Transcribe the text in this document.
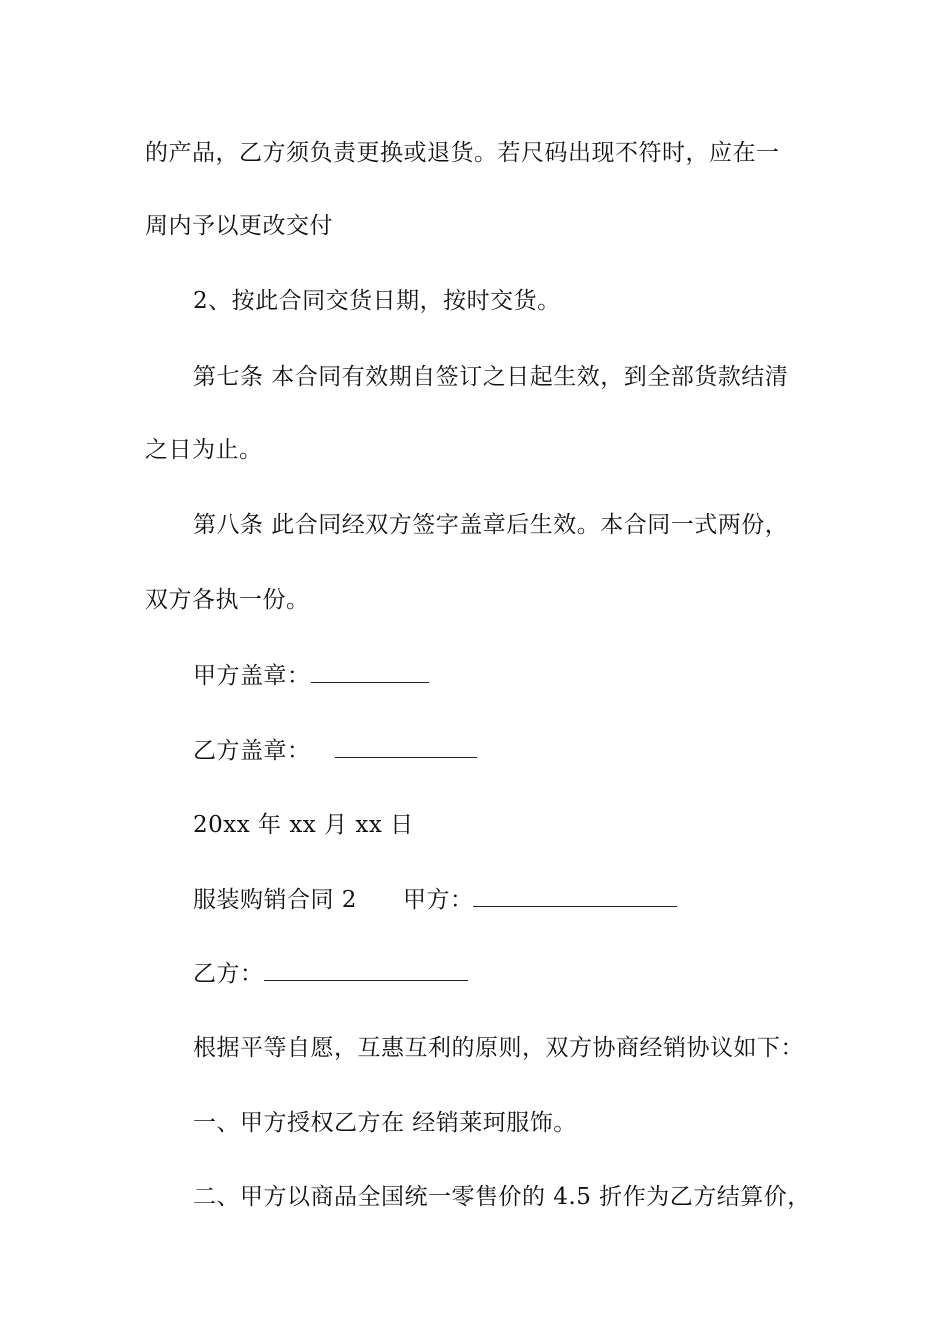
的产品，乙方须负责更换或退货。若尺码出现不符时，应在一
周内予以更改交付
2、按此合同交货日期，按时交货。
第七条 本合同有效期自签订之日起生效，到全部货款结清
之日为止。
第八条 此合同经双方签字盖章后生效。本合同一式两份，
双方各执一份。
甲方盖章：
乙方盖章：
20xx 年 xx 月 xx 日
服装购销合同 2 甲方：
乙方：
根据平等自愿，互惠互利的原则，双方协商经销协议如下：
一、甲方授权乙方在 经销莱珂服饰。
二、甲方以商品全国统一零售价的 4.5 折作为乙方结算价，
